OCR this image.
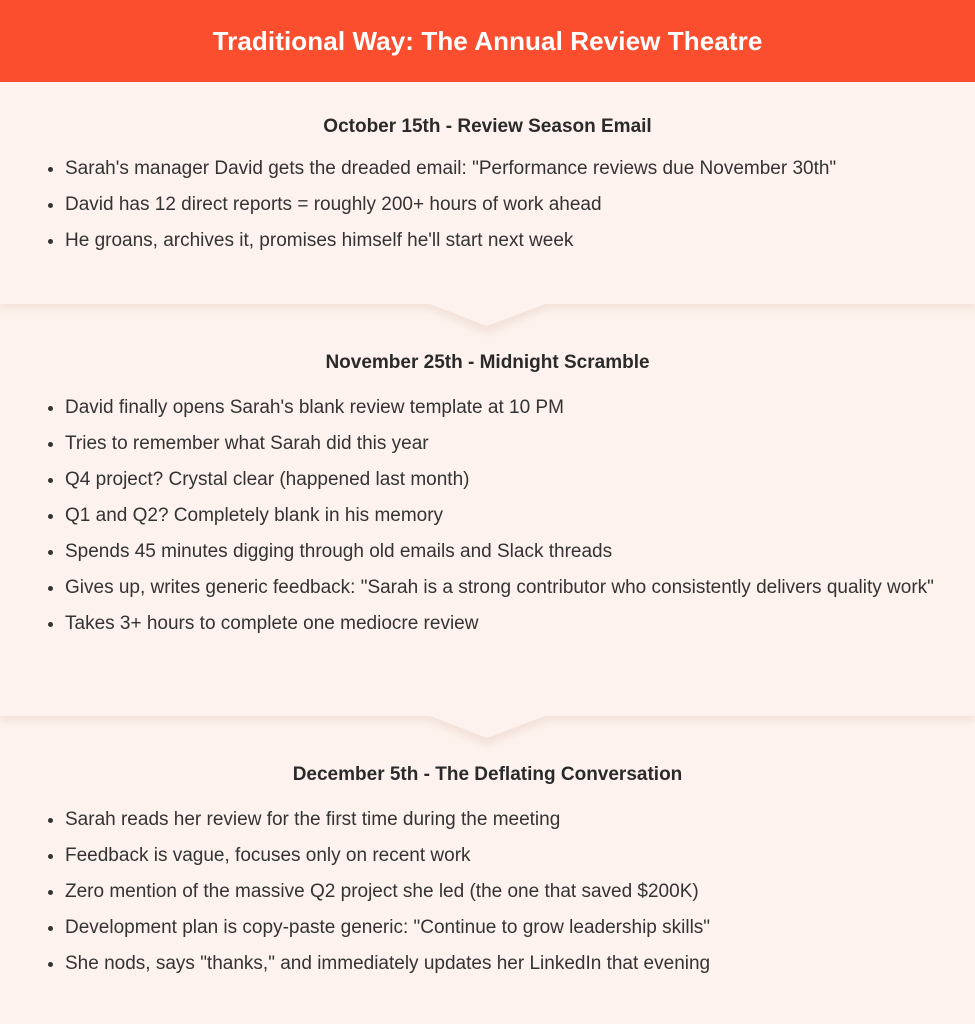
Traditional Way: The Annual Review Theatre
October 15th - Review Season Email
Sarah's manager David gets the dreaded email: "Performance reviews due November 30th"
David has 12 direct reports = roughly 200+ hours of work ahead
He groans, archives it, promises himself he'll start next week
November 25th - Midnight Scramble
David finally opens Sarah's blank review template at 10 PM
Tries to remember what Sarah did this year
Q4 project? Crystal clear (happened last month)
Q1 and Q2? Completely blank in his memory
Spends 45 minutes digging through old emails and Slack threads
Gives up, writes generic feedback: "Sarah is a strong contributor who consistently delivers quality work"
Takes 3+ hours to complete one mediocre review
December 5th - The Deflating Conversation
Sarah reads her review for the first time during the meeting
Feedback is vague, focuses only on recent work
Zero mention of the massive Q2 project she led (the one that saved $200K)
Development plan is copy-paste generic: "Continue to grow leadership skills"
She nods, says "thanks," and immediately updates her LinkedIn that evening
